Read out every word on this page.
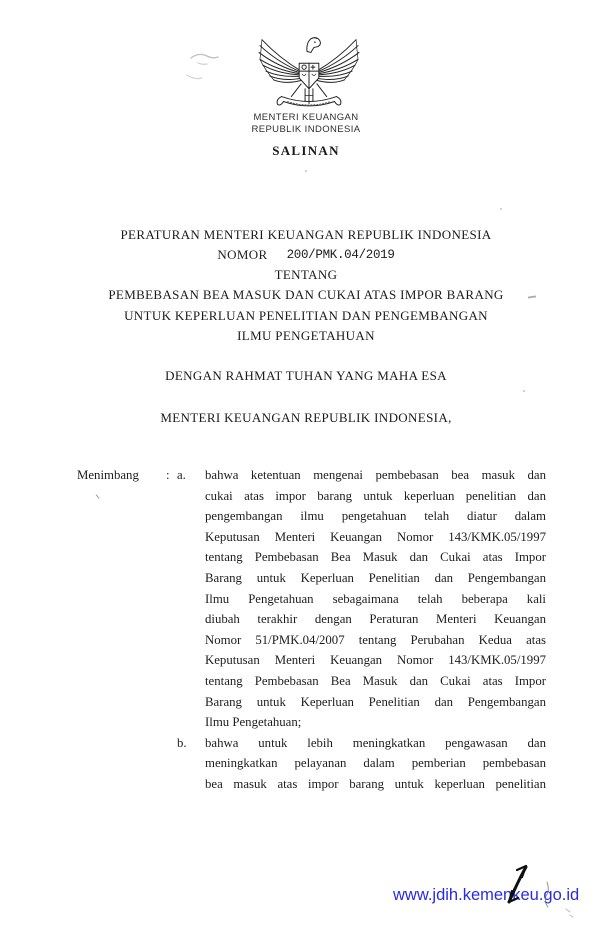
MENTERI KEUANGAN
REPUBLIK INDONESIA
SALINAN
PERATURAN MENTERI KEUANGAN REPUBLIK INDONESIA
NOMOR 200/PMK.04/2019
TENTANG
PEMBEBASAN BEA MASUK DAN CUKAI ATAS IMPOR BARANG
UNTUK KEPERLUAN PENELITIAN DAN PENGEMBANGAN
ILMU PENGETAHUAN
DENGAN RAHMAT TUHAN YANG MAHA ESA
MENTERI KEUANGAN REPUBLIK INDONESIA,
Menimbang : a.
b.
bahwa ketentuan mengenai pembebasan bea masuk dan
cukai atas impor barang untuk keperluan penelitian dan
pengembangan ilmu pengetahuan telah diatur dalam
Keputusan Menteri Keuangan Nomor 143/KMK.05/1997
tentang Pembebasan Bea Masuk dan Cukai atas Impor
Barang untuk Keperluan Penelitian dan Pengembangan
Ilmu Pengetahuan sebagaimana telah beberapa kali
diubah terakhir dengan Peraturan Menteri Keuangan
Nomor 51/PMK.04/2007 tentang Perubahan Kedua atas
Keputusan Menteri Keuangan Nomor 143/KMK.05/1997
tentang Pembebasan Bea Masuk dan Cukai atas Impor
Barang untuk Keperluan Penelitian dan Pengembangan
Ilmu Pengetahuan;
bahwa untuk lebih meningkatkan pengawasan dan
meningkatkan pelayanan dalam pemberian pembebasan
bea masuk atas impor barang untuk keperluan penelitian
www.jdih.kemenkeu.go.id
